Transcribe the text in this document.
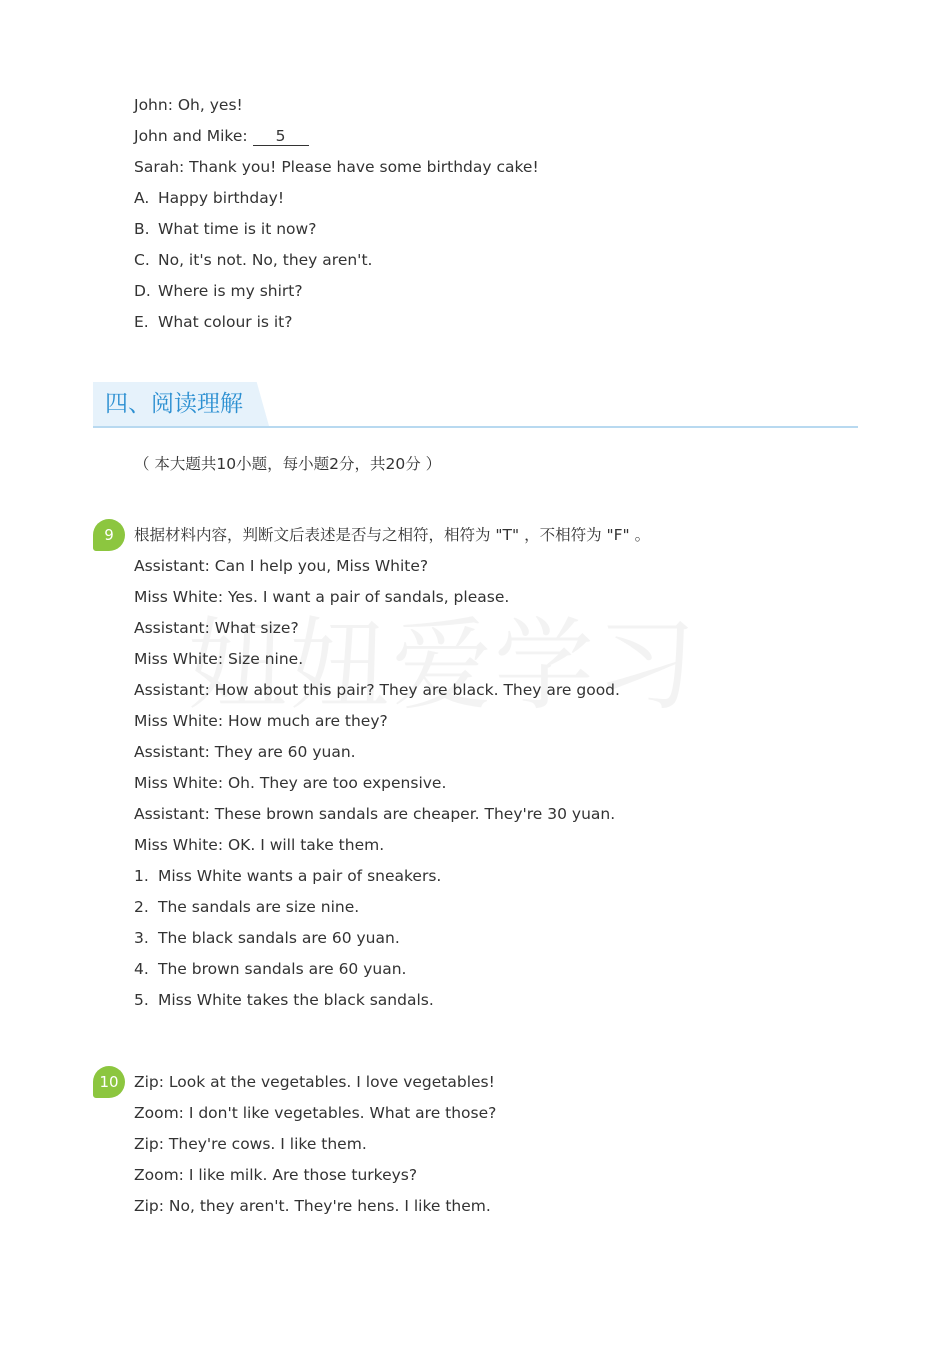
John: Oh, yes!
John and Mike: 5
Sarah: Thank you! Please have some birthday cake!
A. Happy birthday!
B. What time is it now?
C. No, it's not. No, they aren't.
D. Where is my shirt?
E. What colour is it?
四、阅读理解
（ 本大题共10小题，每小题2分，共20分 ）
9	根据材料内容，判断文后表述是否与之相符，相符为 "T" ，不相符为 "F" 。
Assistant: Can I help you, Miss White?
Miss White: Yes. I want a pair of sandals, please.
Assistant: What size?
Miss White: Size nine.
Assistant: How about this pair? They are black. They are good.
Miss White: How much are they?
Assistant: They are 60 yuan.
Miss White: Oh. They are too expensive.
Assistant: These brown sandals are cheaper. They're 30 yuan.
Miss White: OK. I will take them.
1. Miss White wants a pair of sneakers.
2. The sandals are size nine.
3. The black sandals are 60 yuan.
4. The brown sandals are 60 yuan.
5. Miss White takes the black sandals.
10 Zip: Look at the vegetables. I love vegetables!
Zoom: I don't like vegetables. What are those?
Zip: They're cows. I like them.
Zoom: I like milk. Are those turkeys?
Zip: No, they aren't. They're hens. I like them.
